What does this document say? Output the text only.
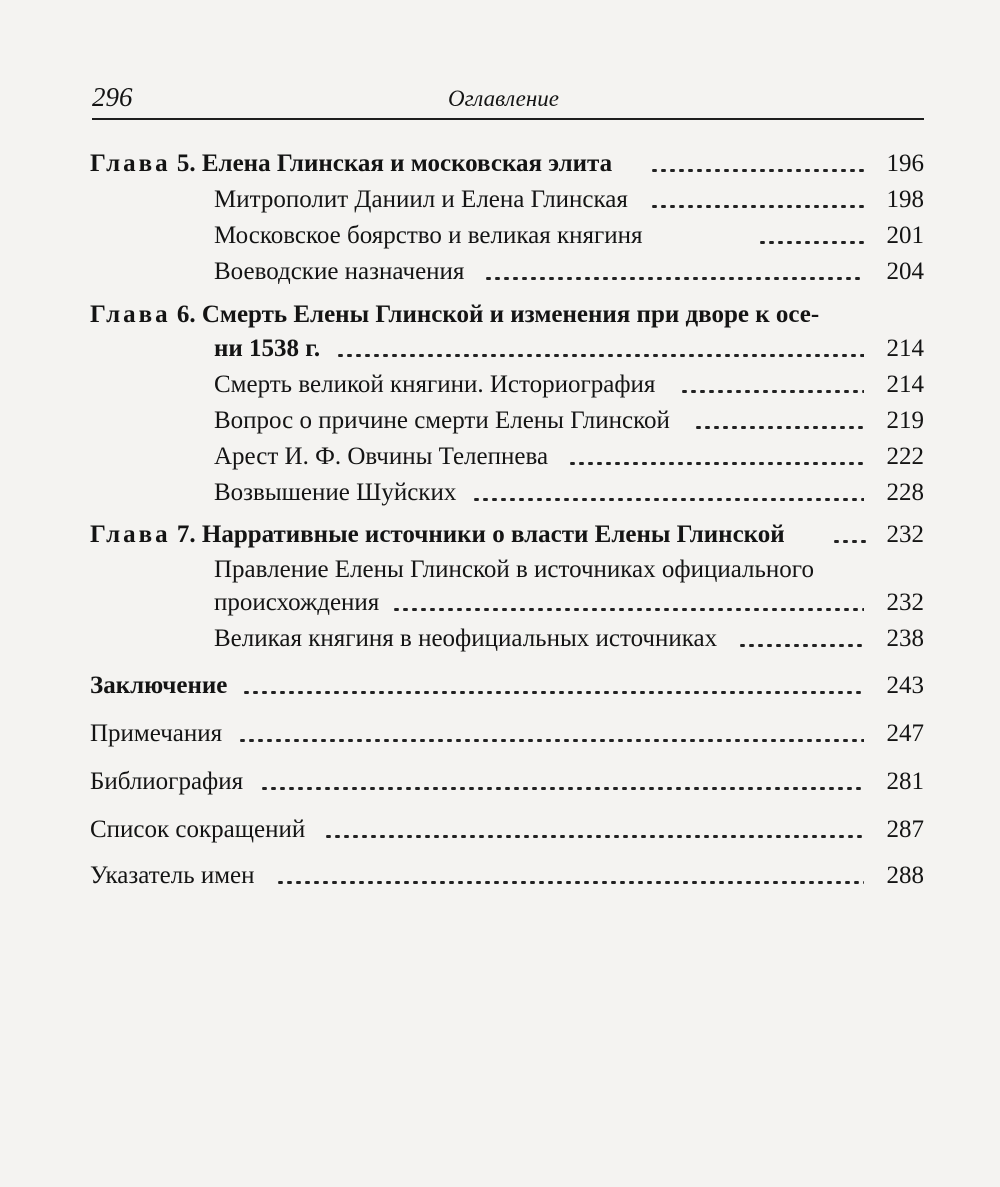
296	Оглавление
Глава 5. Елена Глинская и московская элита	196
Митрополит Даниил и Елена Глинская	198
Московское боярство и великая княгиня	201
Воеводские назначения	204
Глава 6. Смерть Елены Глинской и изменения при дворе к осе-
ни 1538 г.	214
Смерть великой княгини. Историография	214
Вопрос о причине смерти Елены Глинской	219
Арест И. Ф. Овчины Телепнева	222
Возвышение Шуйских	228
Глава 7. Нарративные источники о власти Елены Глинской	232
Правление Елены Глинской в источниках официального
происхождения	232
Великая княгиня в неофициальных источниках	238
Заключение	243
Примечания	247
Библиография	281
Список сокращений	287
Указатель имен	288
